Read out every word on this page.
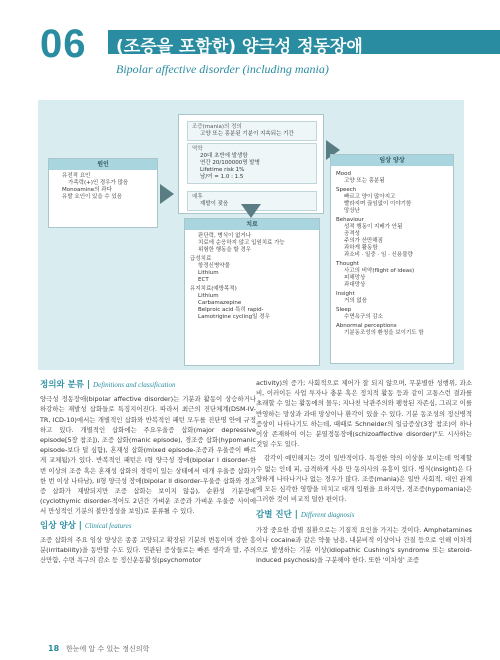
06 (조증을 포함한) 양극성 정동장애
Bipolar affective disorder (including mania)
조증(mania)의 정의
고양 또는 흥분된 기분이 지속되는 기간
역학
20대 초반에 발생함
연간 20/100000명 발병
Lifetime risk 1%
남/여 = 1.0 : 1.5
예후
재발이 잦음
원인
유전적 요인
가족력(+)인 경우가 많음
Monoamine의 과다
유발 요인이 있을 수 있음
임상 양상
Mood
고양 또는 흥분됨
Speech
빠르고 양이 많아지고
빨라지며 끊임없이 이야기함
망상난
Behaviour
성적 행동이 지배가 안됨
공격성
주의가 산만해짐
과하게 활동함
과소비 · 일중 · 임 · 신용불량
Thought
사고의 비약(flight of ideas)
피해망상
과대망상
Insight
거의 없음
Sleep
수면욕구의 감소
Abnormal perceptions
기분동조성의 환청을 보이기도 함
치료
판단력, 병식이 없거나
치료에 순응하지 않고 입원치료 가능
위험한 행동을 할 경우
급성치료
항정신병약물
Lithium
ECT
유지치료(예방목적)
Lithium
Carbamazepine
Belproic acid 특히 rapid-
Lamotrigine cycling일 경우
정의와 분류 | Definitions and classification
양극성 정동장애(bipolar affective disorder)는 기분과 활동이 상승하거나 하강하는 재발성 삽화들로 특징지어진다. 따라서 최근의 진단체계(DSM-IV-TR, ICD-10)에서는 개별적인 삽화와 반복적인 패턴 모두를 진단명 안에 규정하고 있다. 개별적인 삽화에는 주요우울증 삽화(major depressive episode[5장 참조]), 조증 삽화(manic episode), 경조증 삽화(hypomanic episode-보다 덜 심함), 혼재성 삽화(mixed episode-조증과 우울증이 빠르게 교체됨)가 있다. 반복적인 패턴은 I형 양극성 장애(bipolar I disorder-한 번 이상의 조증 혹은 혼재성 삽화의 경력이 있는 상태에서 대개 우울증 삽화가 한 번 이상 나타남), II형 양극성 장애(bipolar II disorder-우울증 삽화와 경조증 삽화가 재발되지만 조증 삽화는 보이지 않음), 순환성 기분장애(cyclothymic disorder-적어도 2년간 가벼운 조증과 가벼운 우울증 사이에서 만성적인 기분의 불안정성을 보임)로 분류될 수 있다.
임상 양상 | Clinical features
조증 삽화의 주요 임상 양상은 종종 고양되고 확장된 기분의 변동이며 강한 흥분(irritability)을 동반할 수도 있다. 연관된 증상들로는 빠른 생각과 말, 주의산만함, 수면 욕구의 감소 등 정신운동활성(psychomotor
activity)의 증가; 사회적으로 제어가 잘 되지 않으며, 무분별한 성행위, 과소비, 이러이든 사업 투자나 충분 혹은 정치적 활동 등과 같이 고통스런 결과를 초래할 수 있는 활동에의 몰두; 지나친 낙관주의와 팽창된 자존심, 그리고 이를 반영하는 망상과 과대 망상이나 환각이 있을 수 있다. 기분 동조성의 정신병적 증상이 나타나기도 하는데, 때때로 Schneider의 일급증상(3장 참조)이 하나 이상 존재하여 이는 분열정동장애(schizoaffective disorder)"도 시사하는 것일 수도 있다.
감각이 예민해지는 것이 일반적이다. 특정한 약의 이상을 보이는데 억제할 수 없는 인데 피, 급격하게 사용 만 동의사의 유흥이 있다. 병식(insight)은 다양하게 나타나거나 없는 경우가 많다. 조증(mania)은 일반 사회적, 대인 관계에 모든 심각한 영향을 미치고 대개 입원을 요하지만, 경조증(hypomania)은 그러한 것이 비교적 덜한 편이다.
감별 진단 | Different diagnosis
가장 중요한 감별 질환으로는 기질적 요인을 가지는 것이다. Amphetamines이나 cocaine과 같은 약물 남용, 내분비적 이상이나 간질 등으로 인해 이차적으로 발생하는 기분 이상(idiopathic Cushing's syndrome 또는 steroid-induced psychosis)을 구분해야 한다. 또한 '이차성' 조증
18 한눈에 알 수 있는 정신의학
